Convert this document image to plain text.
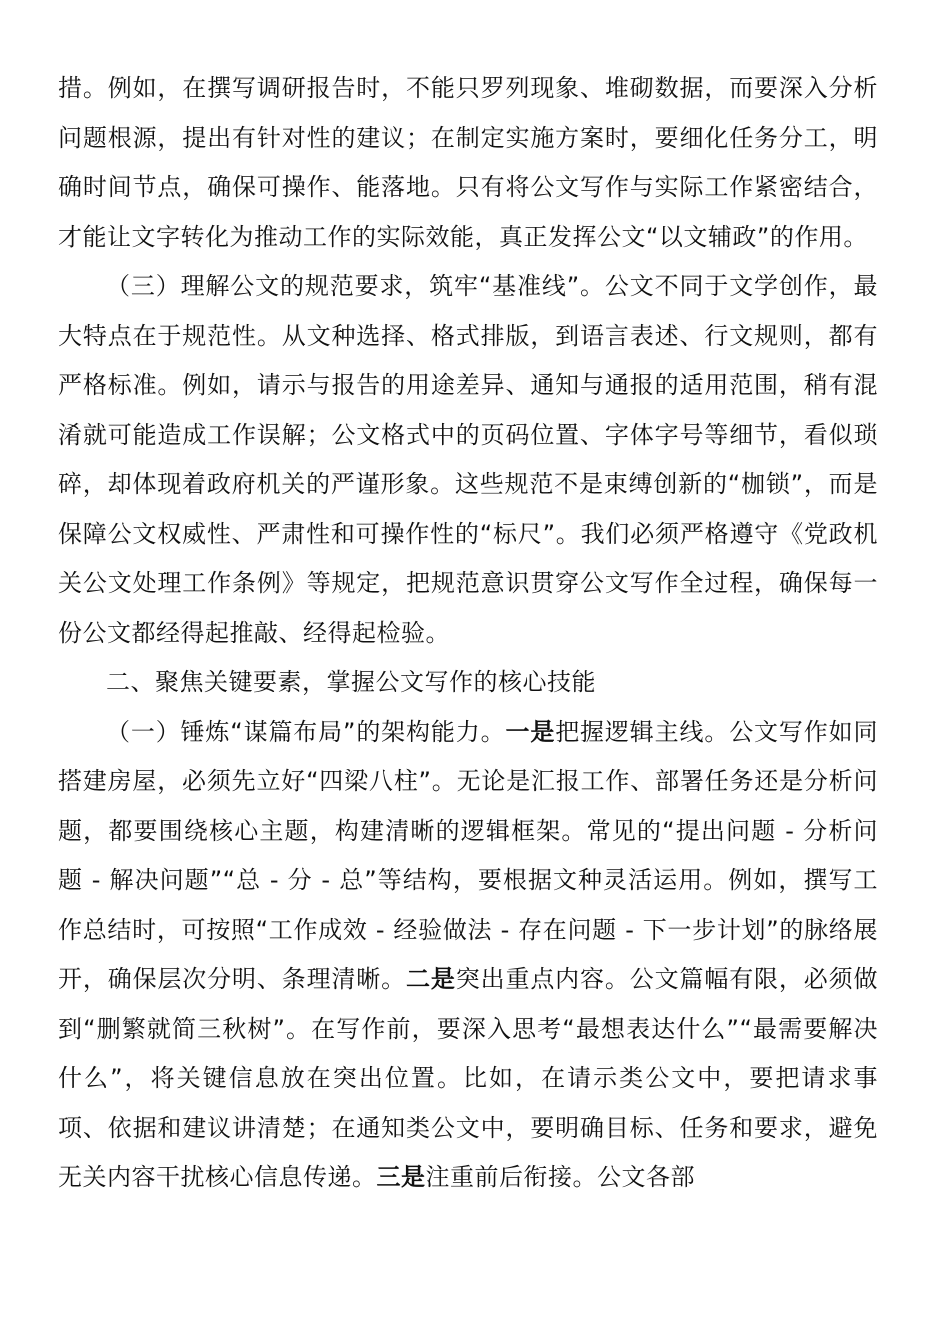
措。例如，在撰写调研报告时，不能只罗列现象、堆砌数据，而要深入分析问题根源，提出有针对性的建议；在制定实施方案时，要细化任务分工，明确时间节点，确保可操作、能落地。只有将公文写作与实际工作紧密结合，才能让文字转化为推动工作的实际效能，真正发挥公文“以文辅政”的作用。

（三）理解公文的规范要求，筑牢“基准线”。公文不同于文学创作，最大特点在于规范性。从文种选择、格式排版，到语言表述、行文规则，都有严格标准。例如，请示与报告的用途差异、通知与通报的适用范围，稍有混淆就可能造成工作误解；公文格式中的页码位置、字体字号等细节，看似琐碎，却体现着政府机关的严谨形象。这些规范不是束缚创新的“枷锁”，而是保障公文权威性、严肃性和可操作性的“标尺”。我们必须严格遵守《党政机关公文处理工作条例》等规定，把规范意识贯穿公文写作全过程，确保每一份公文都经得起推敲、经得起检验。

二、聚焦关键要素，掌握公文写作的核心技能

（一）锤炼“谋篇布局”的架构能力。一是把握逻辑主线。公文写作如同搭建房屋，必须先立好“四梁八柱”。无论是汇报工作、部署任务还是分析问题，都要围绕核心主题，构建清晰的逻辑框架。常见的“提出问题 - 分析问题 - 解决问题”“总 - 分 - 总”等结构，要根据文种灵活运用。例如，撰写工作总结时，可按照“工作成效 - 经验做法 - 存在问题 - 下一步计划”的脉络展开，确保层次分明、条理清晰。二是突出重点内容。公文篇幅有限，必须做到“删繁就简三秋树”。在写作前，要深入思考“最想表达什么”“最需要解决什么”，将关键信息放在突出位置。比如，在请示类公文中，要把请求事项、依据和建议讲清楚；在通知类公文中，要明确目标、任务和要求，避免无关内容干扰核心信息传递。三是注重前后衔接。公文各部
